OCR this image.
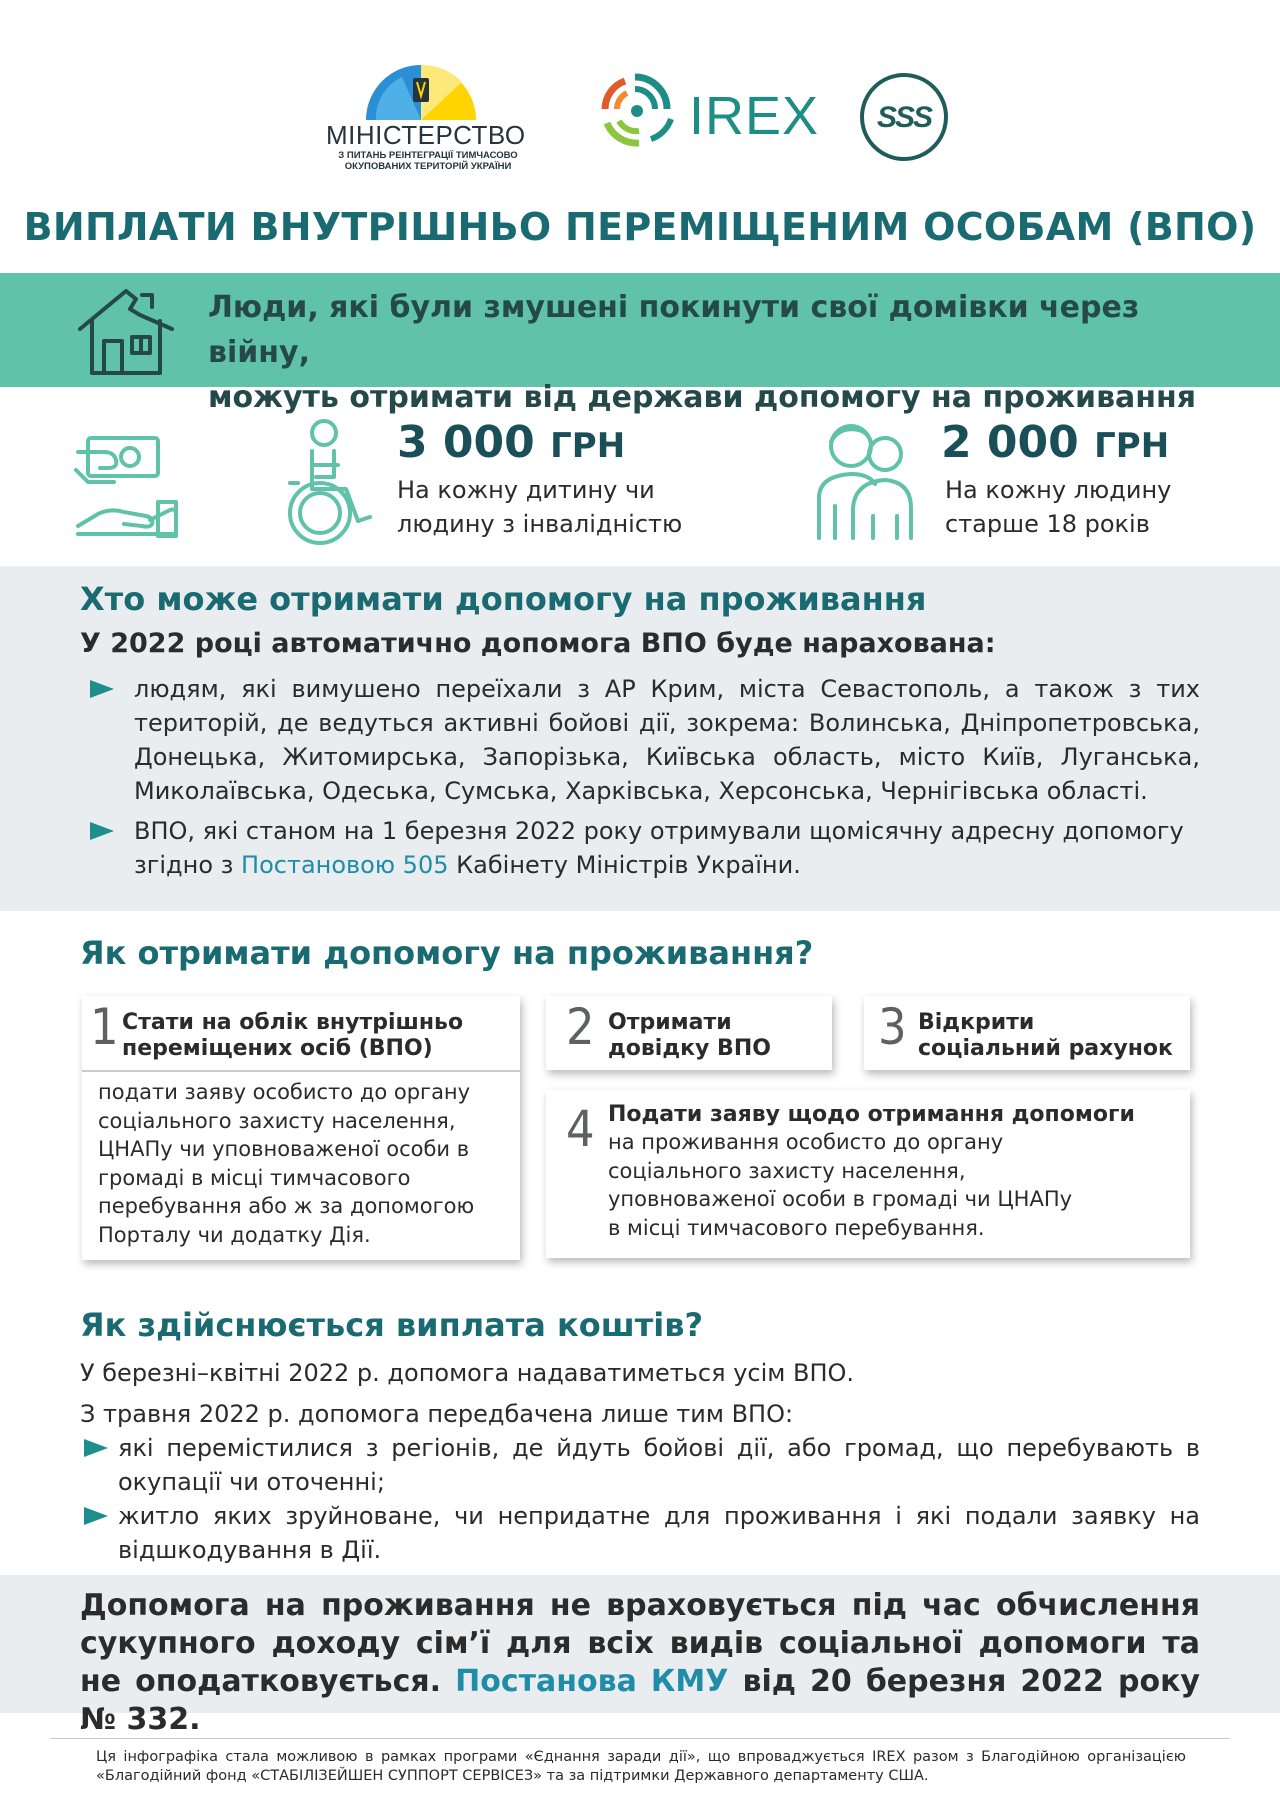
МІНІСТЕРСТВО
З ПИТАНЬ РЕІНТЕГРАЦІЇ ТИМЧАСОВО
ОКУПОВАНИХ ТЕРИТОРІЙ УКРАЇНИ
IREX	SSS
ВИПЛАТИ ВНУТРІШНЬО ПЕРЕМІЩЕНИМ ОСОБАМ (ВПО)
Люди, які були змушені покинути свої домівки через війну,
можуть отримати від держави допомогу на проживання
3 000 ГРН
На кожну дитину чи
людину з інвалідністю
2 000 ГРН
На кожну людину
старше 18 років
Хто може отримати допомогу на проживання
У 2022 році автоматично допомога ВПО буде нарахована:
людям, які вимушено переїхали з АР Крим, міста Севастополь, а також з тих територій, де ведуться активні бойові дії, зокрема: Волинська, Дніпропетровська, Донецька, Житомирська, Запорізька, Київська область, місто Київ, Луганська, Миколаївська, Одеська, Сумська, Харківська, Херсонська, Чернігівська області.
ВПО, які станом на 1 березня 2022 року отримували щомісячну адресну допомогу
згідно з Постановою 505 Кабінету Міністрів України.
Як отримати допомогу на проживання?
1 Стати на облік внутрішньо
переміщених осіб (ВПО)
подати заяву особисто до органу
соціального захисту населення,
ЦНАПу чи уповноваженої особи в
громаді в місці тимчасового
перебування або ж за допомогою
Порталу чи додатку Дія.
2 Отримати
довідку ВПО	3 Відкрити
соціальний рахунок
4 Подати заяву щодо отримання допомоги
на проживання особисто до органу
соціального захисту населення,
уповноваженої особи в громаді чи ЦНАПу
в місці тимчасового перебування.
Як здійснюється виплата коштів?
У березні–квітні 2022 р. допомога надаватиметься усім ВПО.
З травня 2022 р. допомога передбачена лише тим ВПО:
які перемістилися з регіонів, де йдуть бойові дії, або громад, що перебувають в окупації чи оточенні;
житло яких зруйноване, чи непридатне для проживання і які подали заявку на відшкодування в Дії.
Допомога на проживання не враховується під час обчислення сукупного доходу сім’ї для всіх видів соціальної допомоги та не оподатковується. Постанова КМУ від 20 березня 2022 року № 332.
Ця інфографіка стала можливою в рамках програми «Єднання заради дії», що впроваджується IREX разом з Благодійною організацією «Благодійний фонд «СТАБІЛІЗЕЙШЕН СУППОРТ СЕРВІСЕЗ» та за підтримки Державного департаменту США.
